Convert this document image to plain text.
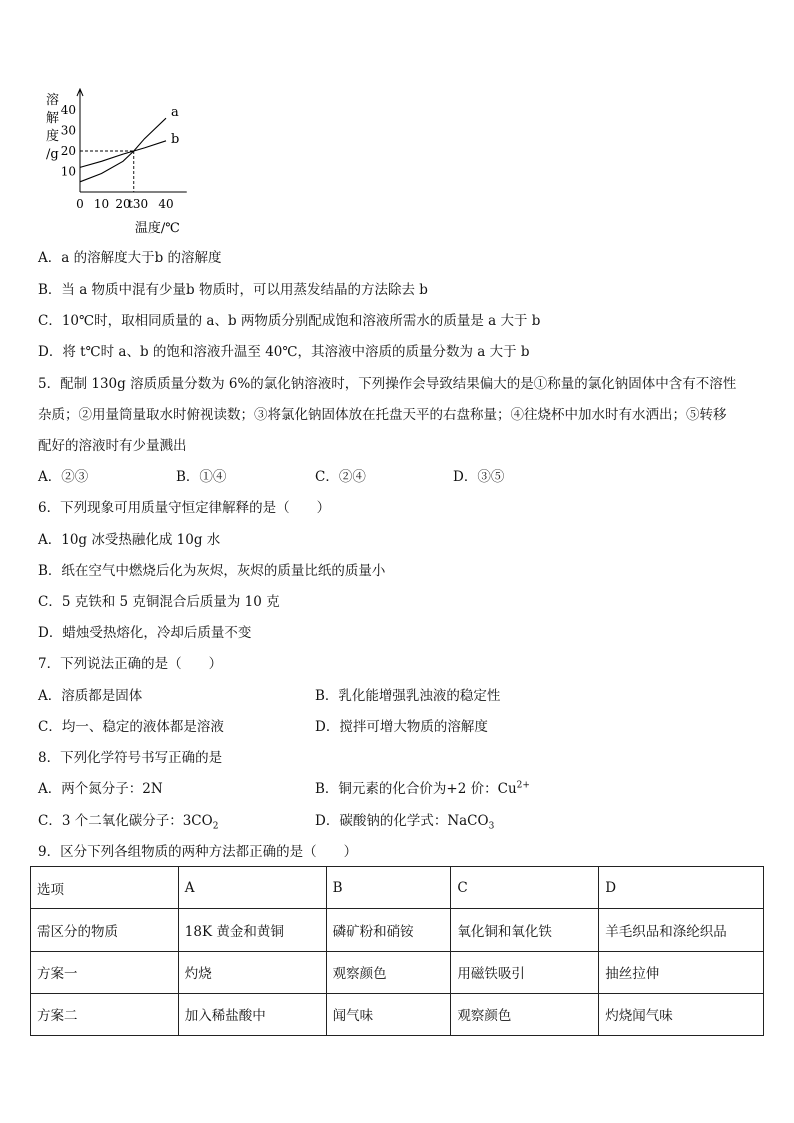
10
20
30
40
0 10 20
t30 40
溶
解
度
/g
温度/℃
a
b
A．a 的溶解度大于b 的溶解度
B．当 a 物质中混有少量b 物质时，可以用蒸发结晶的方法除去 b
C．10℃时，取相同质量的 a、b 两物质分别配成饱和溶液所需水的质量是 a 大于 b
D．将 t℃时 a、b 的饱和溶液升温至 40℃，其溶液中溶质的质量分数为 a 大于 b
5．配制 130g 溶质质量分数为 6%的氯化钠溶液时，下列操作会导致结果偏大的是①称量的氯化钠固体中含有不溶性
杂质；②用量筒量取水时俯视读数；③将氯化钠固体放在托盘天平的右盘称量；④往烧杯中加水时有水洒出；⑤转移
配好的溶液时有少量溅出
A．②③	B．①④	C．②④	D．③⑤
6．下列现象可用质量守恒定律解释的是（　　）
A．10g 冰受热融化成 10g 水
B．纸在空气中燃烧后化为灰烬，灰烬的质量比纸的质量小
C．5 克铁和 5 克铜混合后质量为 10 克
D．蜡烛受热熔化，冷却后质量不变
7．下列说法正确的是（　　）
A．溶质都是固体	B．乳化能增强乳浊液的稳定性
C．均一、稳定的液体都是溶液	D．搅拌可增大物质的溶解度
8．下列化学符号书写正确的是
A．两个氮分子：2N	B．铜元素的化合价为+2 价：$Cu^{2+}$
C．3 个二氧化碳分子：$3CO_2$	D．碳酸钠的化学式：NaCO$_3$
9．区分下列各组物质的两种方法都正确的是（　　）
选项	A	B	C	D
需区分的物质	18K 黄金和黄铜	磷矿粉和硝铵	氧化铜和氧化铁	羊毛织品和涤纶织品
方案一	灼烧	观察颜色	用磁铁吸引	抽丝拉伸
方案二	加入稀盐酸中	闻气味	观察颜色	灼烧闻气味
